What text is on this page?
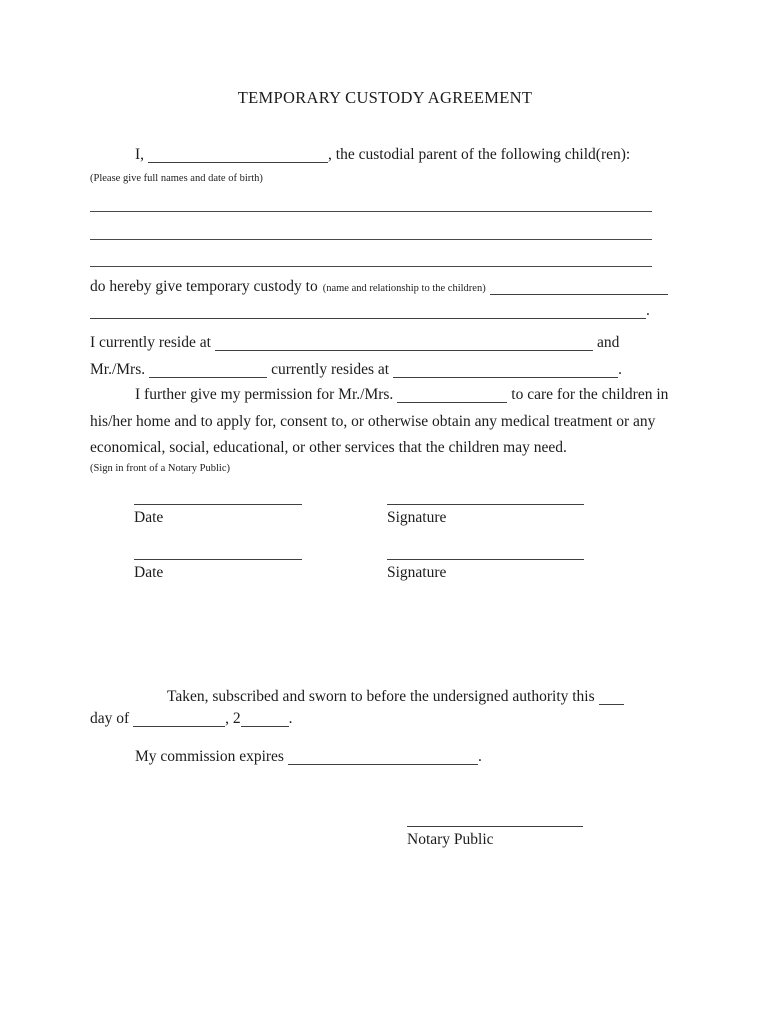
TEMPORARY CUSTODY AGREEMENT
I,	, the custodial parent of the following child(ren):
(Please give full names and date of birth)
do hereby give temporary custody to (name and relationship to the children)
.
I currently reside at	and
Mr./Mrs.	currently resides at	.
I further give my permission for Mr./Mrs.	to care for the children in
his/her home and to apply for, consent to, or otherwise obtain any medical treatment or any
economical, social, educational, or other services that the children may need.
(Sign in front of a Notary Public)
Date	Signature
Date	Signature
Taken, subscribed and sworn to before the undersigned authority this
day of	, 2	.
My commission expires	.
Notary Public
